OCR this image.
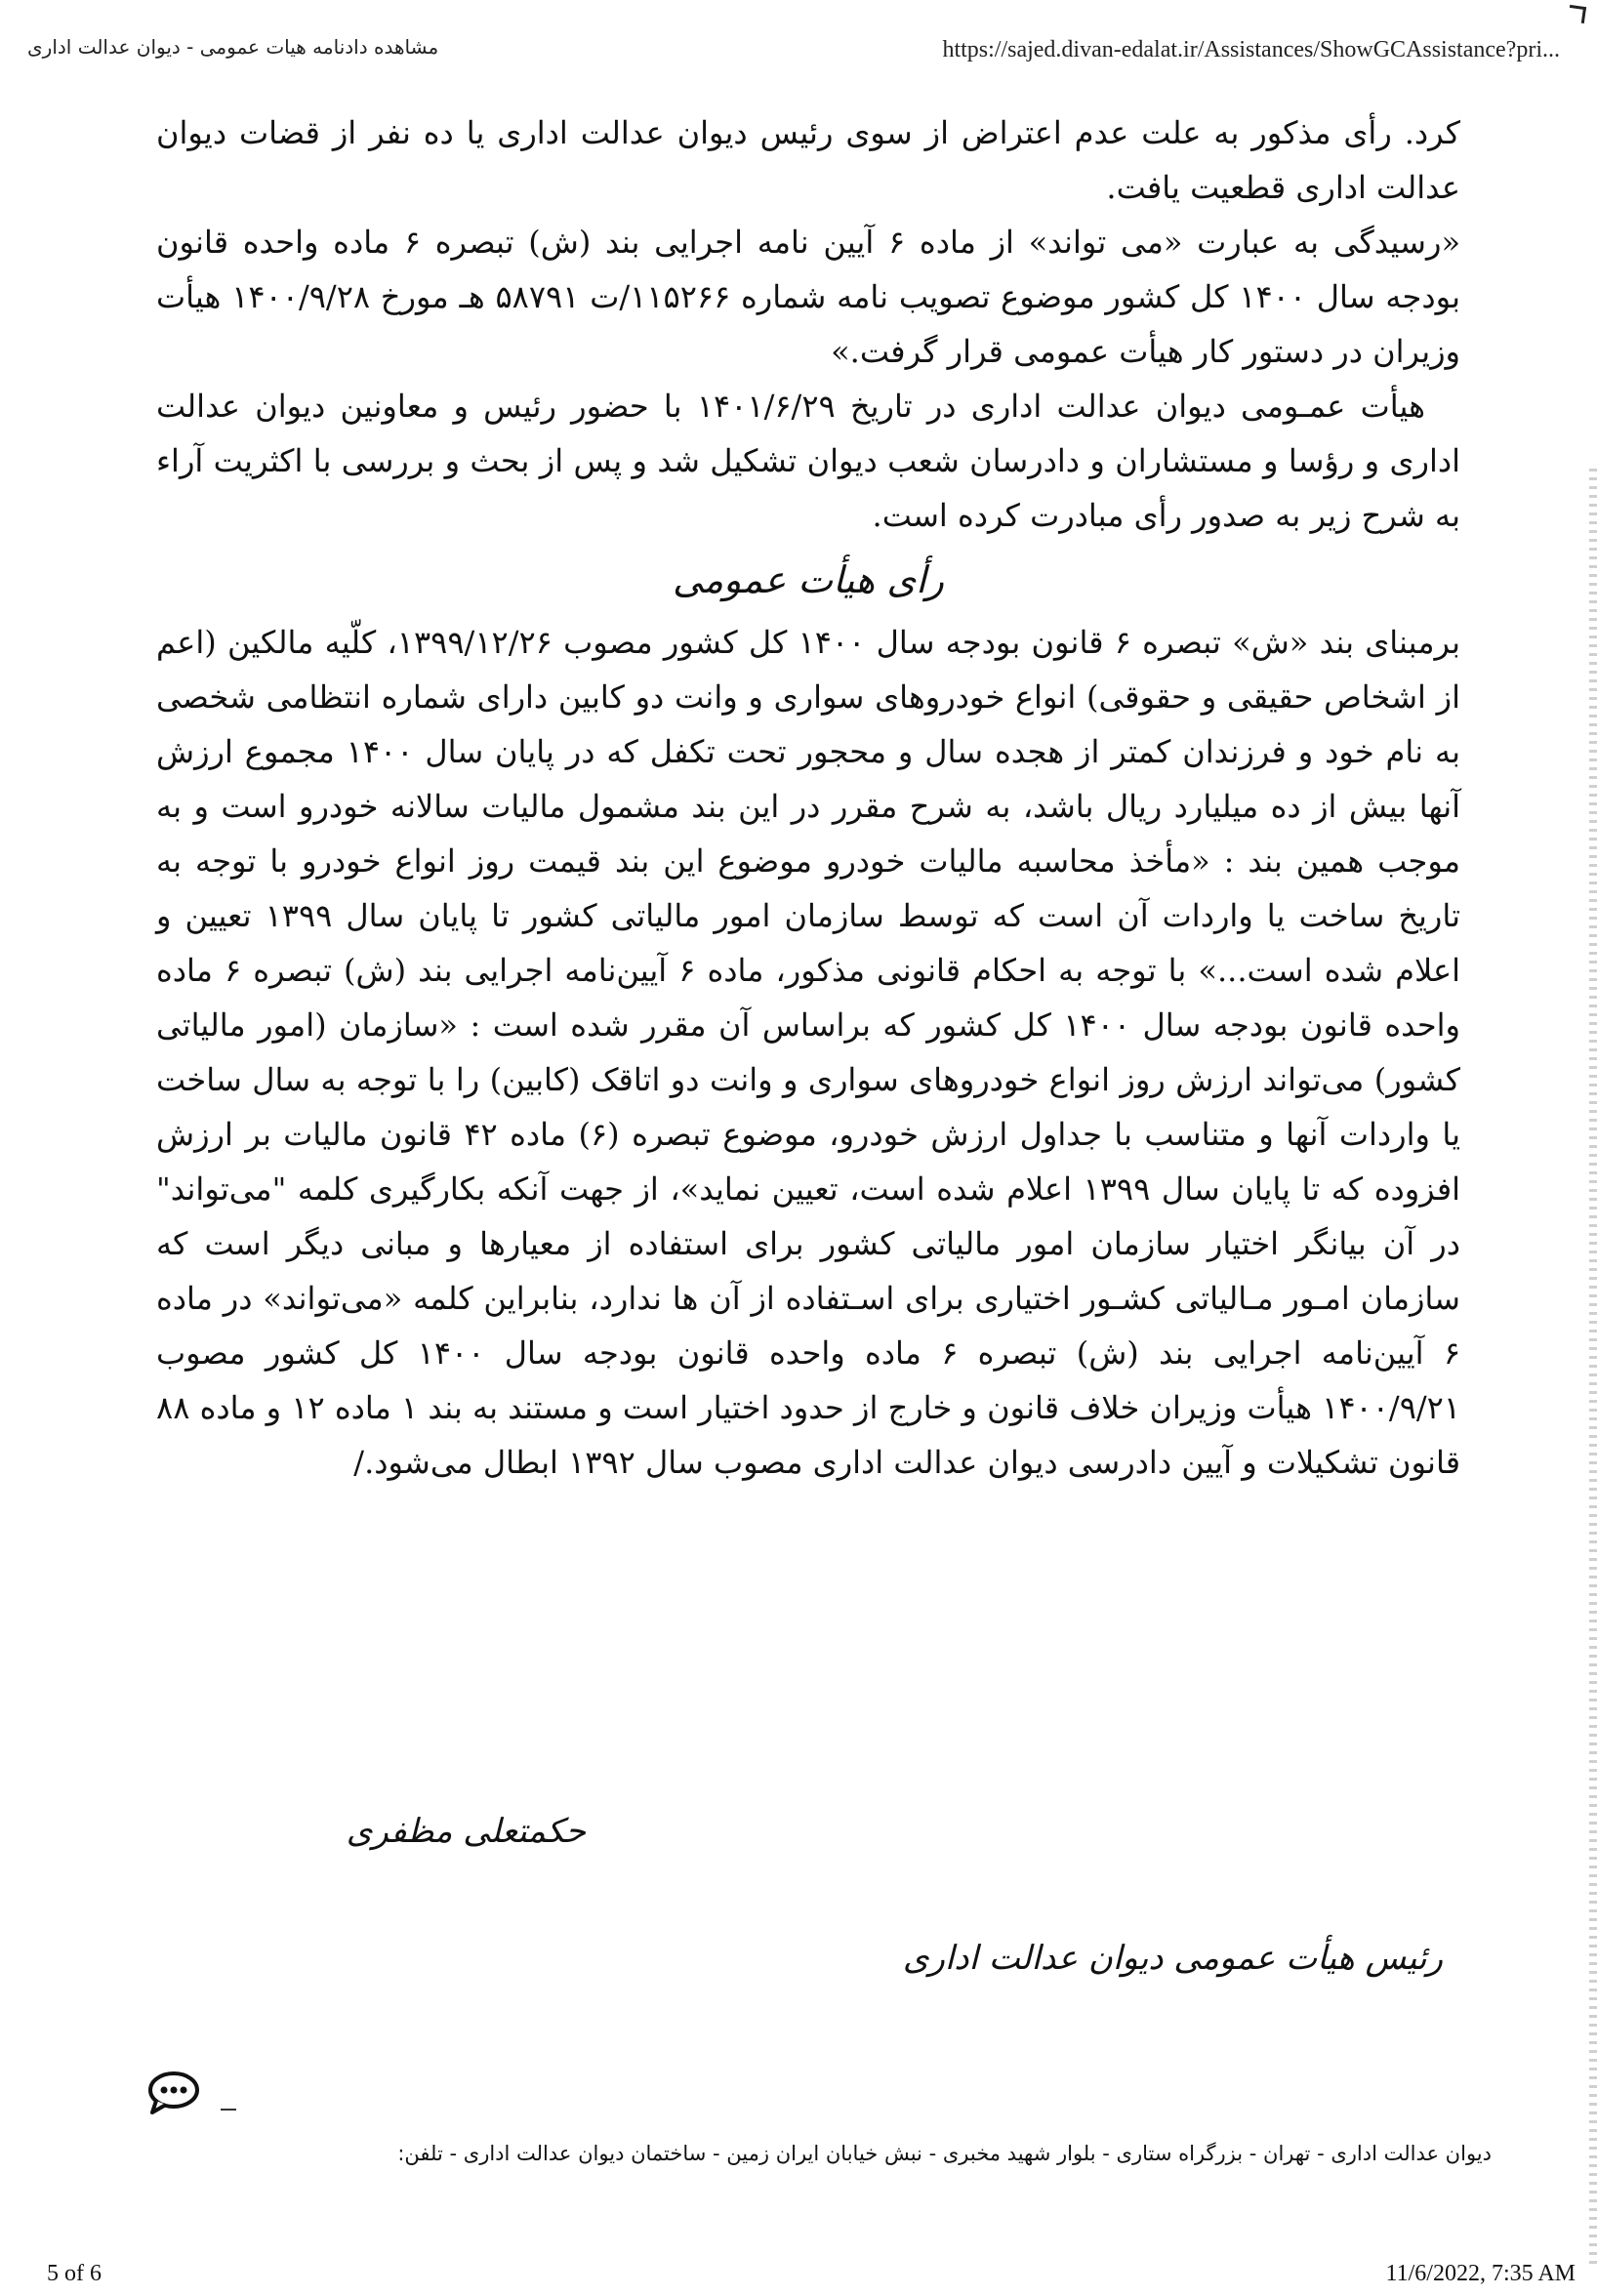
مشاهده دادنامه هیات عمومی - دیوان عدالت اداری	https://sajed.divan-edalat.ir/Assistances/ShowGCAssistance?pri...

کرد. رأی مذکور به علت عدم اعتراض از سوی رئیس دیوان عدالت اداری یا ده نفر از قضات دیوان عدالت اداری قطعیت یافت.

«رسیدگی به عبارت «می تواند» از ماده ۶ آیین نامه اجرایی بند (ش) تبصره ۶ ماده واحده قانون بودجه سال ۱۴۰۰ کل کشور موضوع تصویب نامه شماره ۱۱۵۲۶۶/ت ۵۸۷۹۱ هـ مورخ ۱۴۰۰/۹/۲۸ هیأت وزیران در دستور کار هیأت عمومی قرار گرفت.»

هیأت عمـومی دیوان عدالت اداری در تاریخ ۱۴۰۱/۶/۲۹ با حضور رئیس و معاونین دیوان عدالت اداری و رؤسا و مستشاران و دادرسان شعب دیوان تشکیل شد و پس از بحث و بررسی با اکثریت آراء به شرح زیر به صدور رأی مبادرت کرده است.

رأی هیأت عمومی

برمبنای بند «ش» تبصره ۶ قانون بودجه سال ۱۴۰۰ کل کشور مصوب ۱۳۹۹/۱۲/۲۶، کلّیه مالکین (اعم از اشخاص حقیقی و حقوقی) انواع خودروهای سواری و وانت دو کابین دارای شماره انتظامی شخصی به نام خود و فرزندان کمتر از هجده سال و محجور تحت تکفل که در پایان سال ۱۴۰۰ مجموع ارزش آنها بیش از ده میلیارد ریال باشد، به شرح مقرر در این بند مشمول مالیات سالانه خودرو است و به موجب همین بند : «مأخذ محاسبه مالیات خودرو موضوع این بند قیمت روز انواع خودرو با توجه به تاریخ ساخت یا واردات آن است که توسط سازمان امور مالیاتی کشور تا پایان سال ۱۳۹۹ تعیین و اعلام شده است...» با توجه به احکام قانونی مذکور، ماده ۶ آیین‌نامه اجرایی بند (ش) تبصره ۶ ماده واحده قانون بودجه سال ۱۴۰۰ کل کشور که براساس آن مقرر شده است : «سازمان (امور مالیاتی کشور) می‌تواند ارزش روز انواع خودروهای سواری و وانت دو اتاقک (کابین) را با توجه به سال ساخت یا واردات آنها و متناسب با جداول ارزش خودرو، موضوع تبصره (۶) ماده ۴۲ قانون مالیات بر ارزش افزوده که تا پایان سال ۱۳۹۹ اعلام شده است، تعیین نماید»، از جهت آنکه بکارگیری کلمه "می‌تواند" در آن بیانگر اختیار سازمان امور مالیاتی کشور برای استفاده از معیارها و مبانی دیگر است که سازمان امـور مـالیاتی کشـور اختیاری برای اسـتفاده از آن ها ندارد، بنابراین کلمه «می‌تواند» در ماده ۶ آیین‌نامه اجرایی بند (ش) تبصره ۶ ماده واحده قانون بودجه سال ۱۴۰۰ کل کشور مصوب ۱۴۰۰/۹/۲۱ هیأت وزیران خلاف قانون و خارج از حدود اختیار است و مستند به بند ۱ ماده ۱۲ و ماده ۸۸ قانون تشکیلات و آیین دادرسی دیوان عدالت اداری مصوب سال ۱۳۹۲ ابطال می‌شود./

حکمتعلی مظفری
رئیس هیأت عمومی دیوان عدالت اداری
دیوان عدالت اداری - تهران - بزرگراه ستاری - بلوار شهید مخبری - نبش خیابان ایران زمین - ساختمان دیوان عدالت اداری - تلفن:
5 of 6	11/6/2022, 7:35 AM
